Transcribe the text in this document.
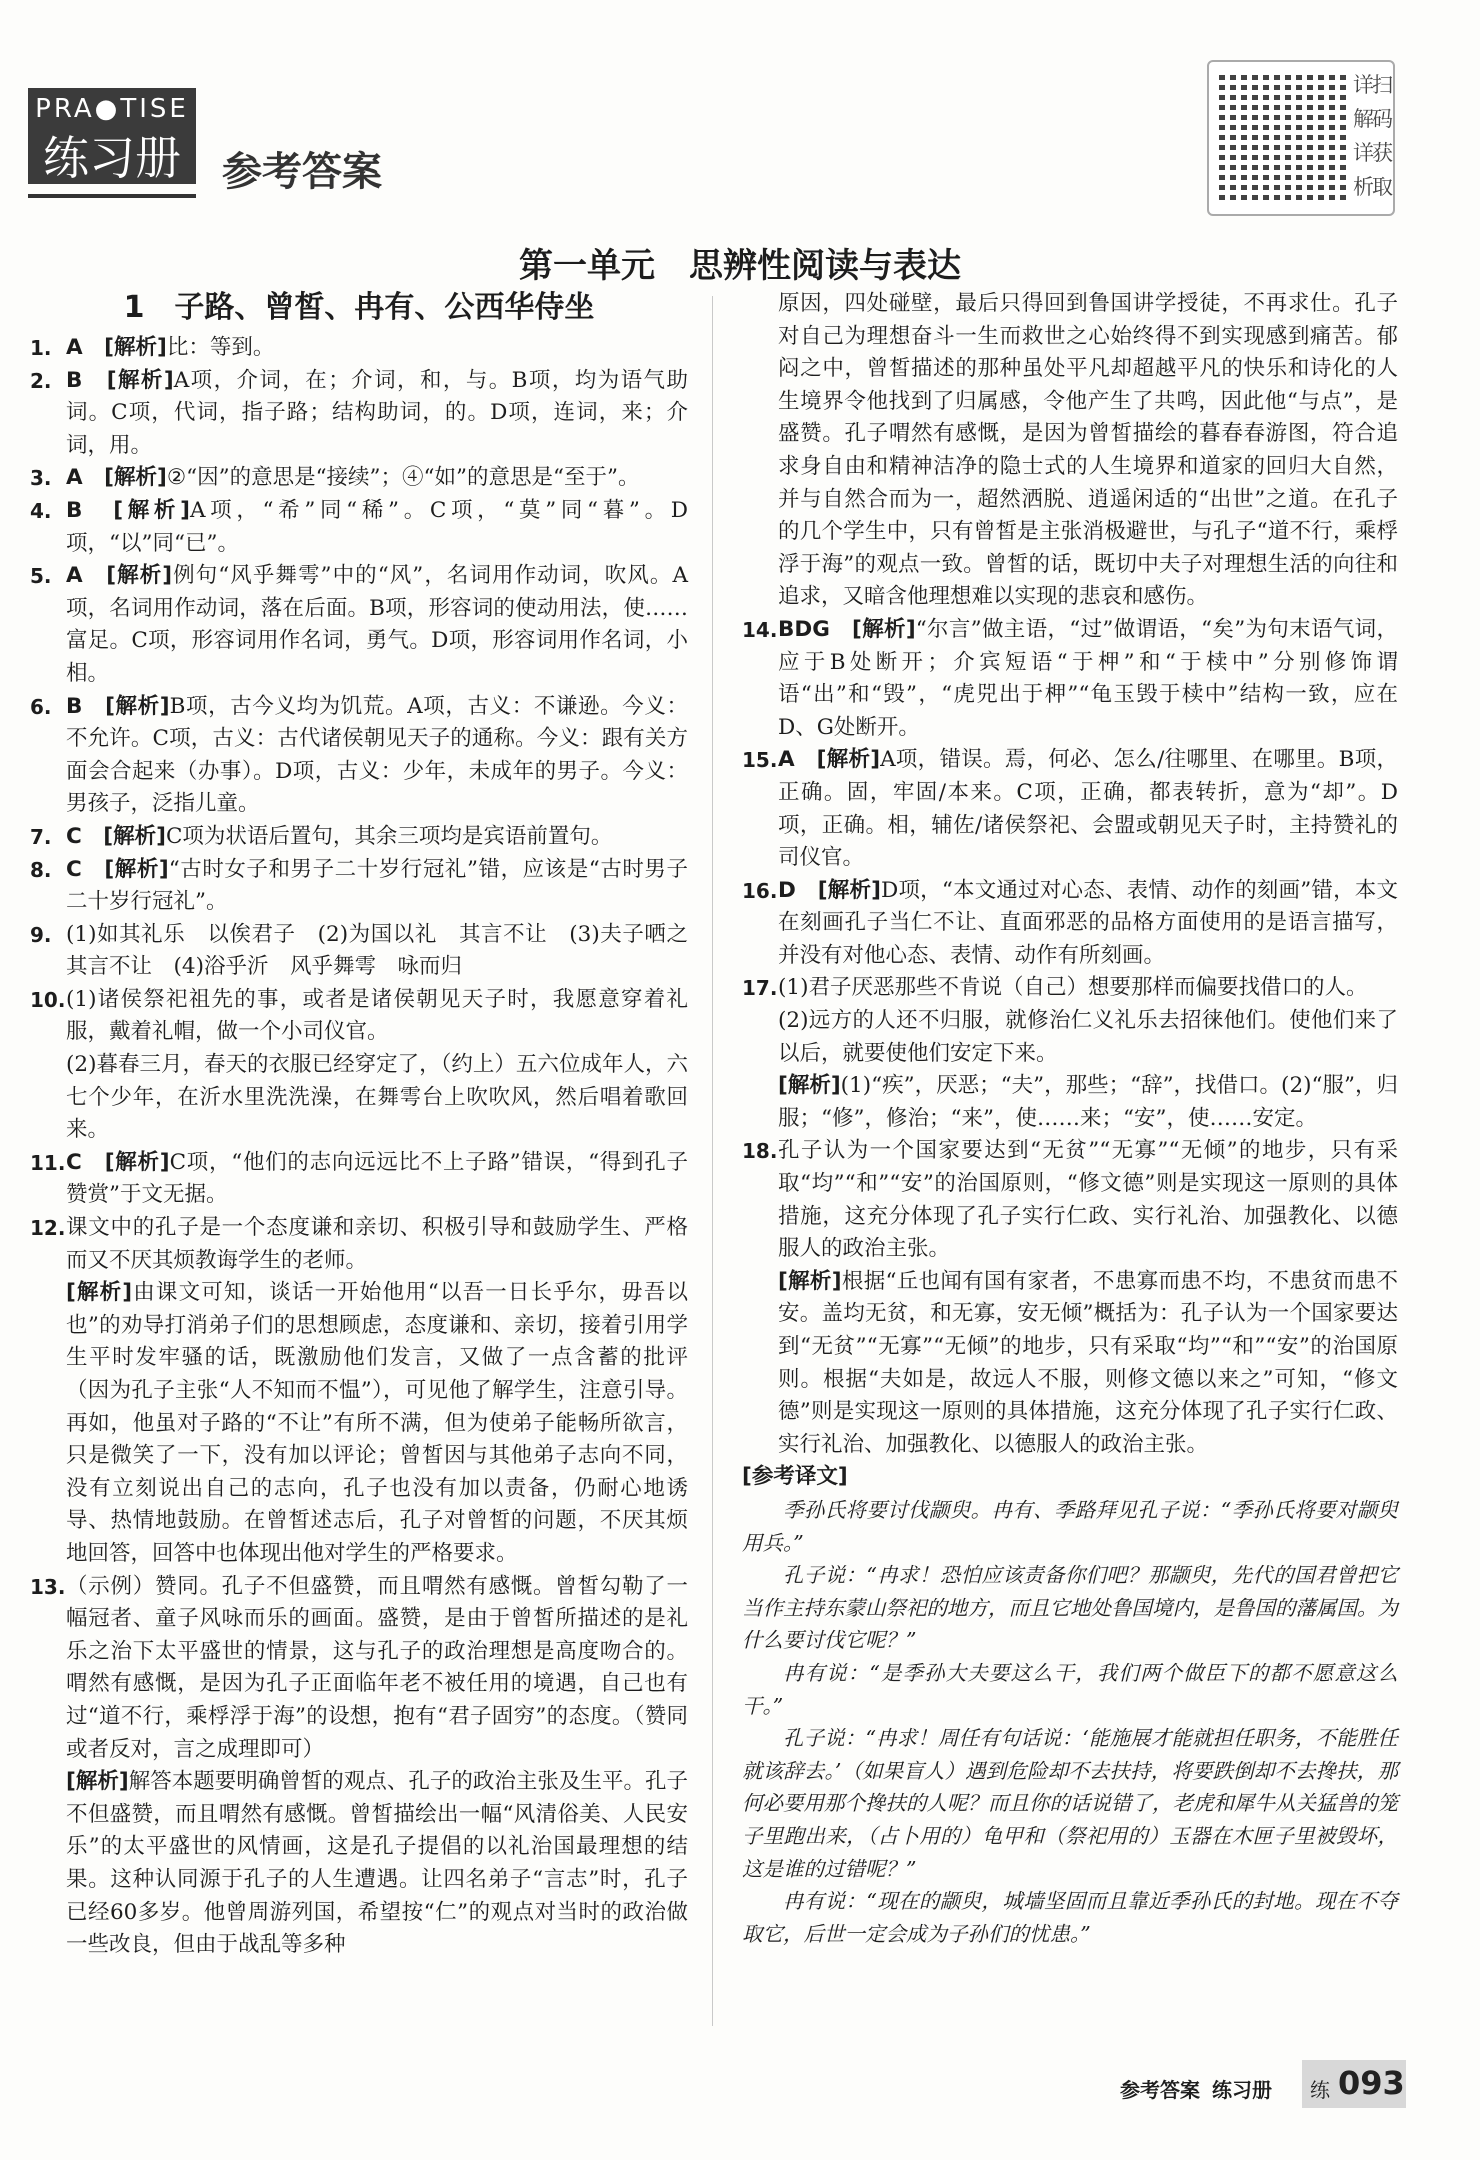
PRA●TISE
练习册	参考答案
扫码获取
详解详析
第一单元　思辨性阅读与表达
1　子路、曾皙、冉有、公西华侍坐
1. A　 [解析]比：等到。
2. B　 [解析]A项，介词，在；介词，和，与。B项，均为语气助词。C项，代词，指子路；结构助词，的。D项，连词，来；介词，用。
3. A　 [解析]②“因”的意思是“接续”；④“如”的意思是“至于”。
4. B　 [解析]A项，“希”同“稀”。C项，“莫”同“暮”。D项，“以”同“已”。
5. A　 [解析]例句“风乎舞雩”中的“风”，名词用作动词，吹风。A项，名词用作动词，落在后面。B项，形容词的使动用法，使……富足。C项，形容词用作名词，勇气。D项，形容词用作名词，小相。
6. B　 [解析]B项，古今义均为饥荒。A项，古义：不谦逊。今义：不允许。C项，古义：古代诸侯朝见天子的通称。今义：跟有关方面会合起来（办事）。D项，古义：少年，未成年的男子。今义：男孩子，泛指儿童。
7. C　 [解析]C项为状语后置句，其余三项均是宾语前置句。
8. C　 [解析]“古时女子和男子二十岁行冠礼”错，应该是“古时男子二十岁行冠礼”。
9. (1)如其礼乐　以俟君子　(2)为国以礼　其言不让　(3)夫子哂之　其言不让　(4)浴乎沂　风乎舞雩　咏而归
10. (1)诸侯祭祀祖先的事，或者是诸侯朝见天子时，我愿意穿着礼服，戴着礼帽，做一个小司仪官。
(2)暮春三月，春天的衣服已经穿定了，（约上）五六位成年人，六七个少年，在沂水里洗洗澡，在舞雩台上吹吹风，然后唱着歌回来。
11. C　 [解析]C项，“他们的志向远远比不上子路”错误，“得到孔子赞赏”于文无据。
12. 课文中的孔子是一个态度谦和亲切、积极引导和鼓励学生、严格而又不厌其烦教诲学生的老师。
[解析]由课文可知，谈话一开始他用“以吾一日长乎尔，毋吾以也”的劝导打消弟子们的思想顾虑，态度谦和、亲切，接着引用学生平时发牢骚的话，既激励他们发言，又做了一点含蓄的批评（因为孔子主张“人不知而不愠”），可见他了解学生，注意引导。再如，他虽对子路的“不让”有所不满，但为使弟子能畅所欲言，只是微笑了一下，没有加以评论；曾皙因与其他弟子志向不同，没有立刻说出自己的志向，孔子也没有加以责备，仍耐心地诱导、热情地鼓励。在曾皙述志后，孔子对曾皙的问题，不厌其烦地回答，回答中也体现出他对学生的严格要求。
13. （示例）赞同。孔子不但盛赞，而且喟然有感慨。曾皙勾勒了一幅冠者、童子风咏而乐的画面。盛赞，是由于曾皙所描述的是礼乐之治下太平盛世的情景，这与孔子的政治理想是高度吻合的。喟然有感慨，是因为孔子正面临年老不被任用的境遇，自己也有过“道不行，乘桴浮于海”的设想，抱有“君子固穷”的态度。（赞同或者反对，言之成理即可）
[解析]解答本题要明确曾皙的观点、孔子的政治主张及生平。孔子不但盛赞，而且喟然有感慨。曾皙描绘出一幅“风清俗美、人民安乐”的太平盛世的风情画，这是孔子提倡的以礼治国最理想的结果。这种认同源于孔子的人生遭遇。让四名弟子“言志”时，孔子已经60多岁。他曾周游列国，希望按“仁”的观点对当时的政治做一些改良，但由于战乱等多种
原因，四处碰壁，最后只得回到鲁国讲学授徒，不再求仕。孔子对自己为理想奋斗一生而救世之心始终得不到实现感到痛苦。郁闷之中，曾皙描述的那种虽处平凡却超越平凡的快乐和诗化的人生境界令他找到了归属感，令他产生了共鸣，因此他“与点”，是盛赞。孔子喟然有感慨，是因为曾皙描绘的暮春春游图，符合追求身自由和精神洁净的隐士式的人生境界和道家的回归大自然，并与自然合而为一，超然洒脱、逍遥闲适的“出世”之道。在孔子的几个学生中，只有曾皙是主张消极避世，与孔子“道不行，乘桴浮于海”的观点一致。曾皙的话，既切中夫子对理想生活的向往和追求，又暗含他理想难以实现的悲哀和感伤。
14. BDG　 [解析]“尔言”做主语，“过”做谓语，“矣”为句末语气词，应于B处断开；介宾短语“于柙”和“于椟中”分别修饰谓语“出”和“毁”，“虎兕出于柙”“龟玉毁于椟中”结构一致，应在D、G处断开。
15. A　 [解析]A项，错误。焉，何必、怎么/往哪里、在哪里。B项，正确。固，牢固/本来。C项，正确，都表转折，意为“却”。D项，正确。相，辅佐/诸侯祭祀、会盟或朝见天子时，主持赞礼的司仪官。
16. D　 [解析]D项，“本文通过对心态、表情、动作的刻画”错，本文在刻画孔子当仁不让、直面邪恶的品格方面使用的是语言描写，并没有对他心态、表情、动作有所刻画。
17. (1)君子厌恶那些不肯说（自己）想要那样而偏要找借口的人。
(2)远方的人还不归服，就修治仁义礼乐去招徕他们。使他们来了以后，就要使他们安定下来。
[解析](1)“疾”，厌恶；“夫”，那些；“辞”，找借口。(2)“服”，归服；“修”，修治；“来”，使……来；“安”，使……安定。
18. 孔子认为一个国家要达到“无贫”“无寡”“无倾”的地步，只有采取“均”“和”“安”的治国原则，“修文德”则是实现这一原则的具体措施，这充分体现了孔子实行仁政、实行礼治、加强教化、以德服人的政治主张。
[解析]根据“丘也闻有国有家者，不患寡而患不均，不患贫而患不安。盖均无贫，和无寡，安无倾”概括为：孔子认为一个国家要达到“无贫”“无寡”“无倾”的地步，只有采取“均”“和”“安”的治国原则。根据“夫如是，故远人不服，则修文德以来之”可知，“修文德”则是实现这一原则的具体措施，这充分体现了孔子实行仁政、实行礼治、加强教化、以德服人的政治主张。
[参考译文]

季孙氏将要讨伐颛臾。冉有、季路拜见孔子说：“季孙氏将要对颛臾用兵。”

孔子说：“冉求！恐怕应该责备你们吧？那颛臾，先代的国君曾把它当作主持东蒙山祭祀的地方，而且它地处鲁国境内，是鲁国的藩属国。为什么要讨伐它呢？”

冉有说：“是季孙大夫要这么干，我们两个做臣下的都不愿意这么干。”

孔子说：“冉求！周任有句话说：‘能施展才能就担任职务，不能胜任就该辞去。’（如果盲人）遇到危险却不去扶持，将要跌倒却不去搀扶，那何必要用那个搀扶的人呢？而且你的话说错了，老虎和犀牛从关猛兽的笼子里跑出来，（占卜用的）龟甲和（祭祀用的）玉器在木匣子里被毁坏，这是谁的过错呢？”

冉有说：“现在的颛臾，城墙坚固而且靠近季孙氏的封地。现在不夺取它，后世一定会成为子孙们的忧患。”

参考答案 练习册 练 093
